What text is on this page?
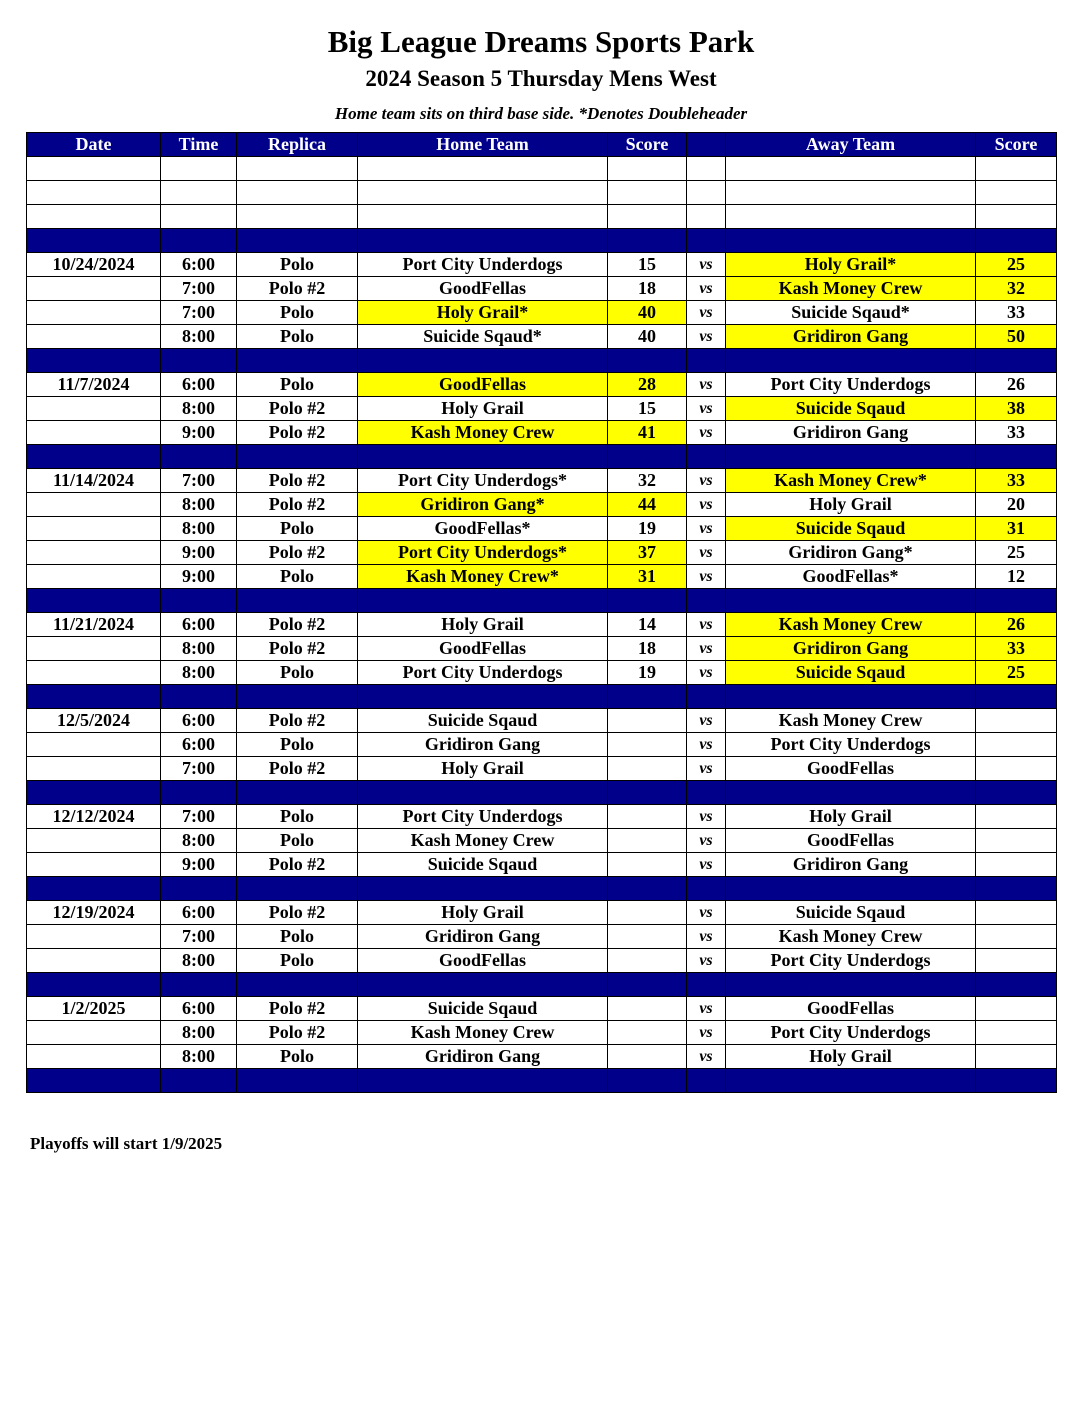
Big League Dreams Sports Park
2024 Season 5 Thursday Mens West
Home team sits on third base side. *Denotes Doubleheader
Date	Time	Replica	Home Team	Score		Away Team	Score

10/24/2024	6:00	Polo	Port City Underdogs	15	vs	Holy Grail*	25
	7:00	Polo #2	GoodFellas	18	vs	Kash Money Crew	32
	7:00	Polo	Holy Grail*	40	vs	Suicide Sqaud*	33
	8:00	Polo	Suicide Sqaud*	40	vs	Gridiron Gang	50

11/7/2024	6:00	Polo	GoodFellas	28	vs	Port City Underdogs	26
	8:00	Polo #2	Holy Grail	15	vs	Suicide Sqaud	38
	9:00	Polo #2	Kash Money Crew	41	vs	Gridiron Gang	33

11/14/2024	7:00	Polo #2	Port City Underdogs*	32	vs	Kash Money Crew*	33
	8:00	Polo #2	Gridiron Gang*	44	vs	Holy Grail	20
	8:00	Polo	GoodFellas*	19	vs	Suicide Sqaud	31
	9:00	Polo #2	Port City Underdogs*	37	vs	Gridiron Gang*	25
	9:00	Polo	Kash Money Crew*	31	vs	GoodFellas*	12

11/21/2024	6:00	Polo #2	Holy Grail	14	vs	Kash Money Crew	26
	8:00	Polo #2	GoodFellas	18	vs	Gridiron Gang	33
	8:00	Polo	Port City Underdogs	19	vs	Suicide Sqaud	25

12/5/2024	6:00	Polo #2	Suicide Sqaud		vs	Kash Money Crew	
	6:00	Polo	Gridiron Gang		vs	Port City Underdogs	
	7:00	Polo #2	Holy Grail		vs	GoodFellas	

12/12/2024	7:00	Polo	Port City Underdogs		vs	Holy Grail	
	8:00	Polo	Kash Money Crew		vs	GoodFellas	
	9:00	Polo #2	Suicide Sqaud		vs	Gridiron Gang	

12/19/2024	6:00	Polo #2	Holy Grail		vs	Suicide Sqaud	
	7:00	Polo	Gridiron Gang		vs	Kash Money Crew	
	8:00	Polo	GoodFellas		vs	Port City Underdogs	

1/2/2025	6:00	Polo #2	Suicide Sqaud		vs	GoodFellas	
	8:00	Polo #2	Kash Money Crew		vs	Port City Underdogs	
	8:00	Polo	Gridiron Gang		vs	Holy Grail	

Playoffs will start 1/9/2025
